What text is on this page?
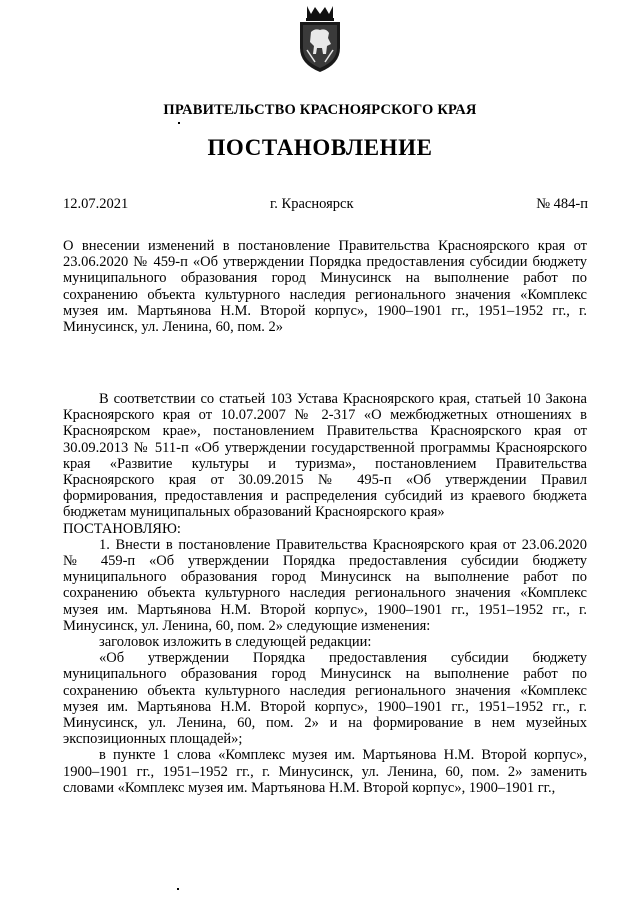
ПРАВИТЕЛЬСТВО КРАСНОЯРСКОГО КРАЯ
ПОСТАНОВЛЕНИЕ
12.07.2021	г. Красноярск	№ 484-п

О внесении изменений в постановление Правительства Красноярского края от 23.06.2020 № 459-п «Об утверждении Порядка предоставления субсидии бюджету муниципального образования город Минусинск на выполнение работ по сохранению объекта культурного наследия регионального значения «Комплекс музея им. Мартьянова Н.М. Второй корпус», 1900–1901 гг., 1951–1952 гг., г. Минусинск, ул. Ленина, 60, пом. 2»

В соответствии со статьей 103 Устава Красноярского края, статьей 10 Закона Красноярского края от 10.07.2007 № 2-317 «О межбюджетных отношениях в Красноярском крае», постановлением Правительства Красноярского края от 30.09.2013 № 511-п «Об утверждении государственной программы Красноярского края «Развитие культуры и туризма», постановлением Правительства Красноярского края от 30.09.2015 № 495-п «Об утверждении Правил формирования, предоставления и распределения субсидий из краевого бюджета бюджетам муниципальных образований Красноярского края»

ПОСТАНОВЛЯЮ:

1. Внести в постановление Правительства Красноярского края от 23.06.2020 № 459-п «Об утверждении Порядка предоставления субсидии бюджету муниципального образования город Минусинск на выполнение работ по сохранению объекта культурного наследия регионального значения «Комплекс музея им. Мартьянова Н.М. Второй корпус», 1900–1901 гг., 1951–1952 гг., г. Минусинск, ул. Ленина, 60, пом. 2» следующие изменения:

заголовок изложить в следующей редакции:

«Об утверждении Порядка предоставления субсидии бюджету муниципального образования город Минусинск на выполнение работ по сохранению объекта культурного наследия регионального значения «Комплекс музея им. Мартьянова Н.М. Второй корпус», 1900–1901 гг., 1951–1952 гг., г. Минусинск, ул. Ленина, 60, пом. 2» и на формирование в нем музейных экспозиционных площадей»;

в пункте 1 слова «Комплекс музея им. Мартьянова Н.М. Второй корпус», 1900–1901 гг., 1951–1952 гг., г. Минусинск, ул. Ленина, 60, пом. 2» заменить словами «Комплекс музея им. Мартьянова Н.М. Второй корпус», 1900–1901 гг.,
